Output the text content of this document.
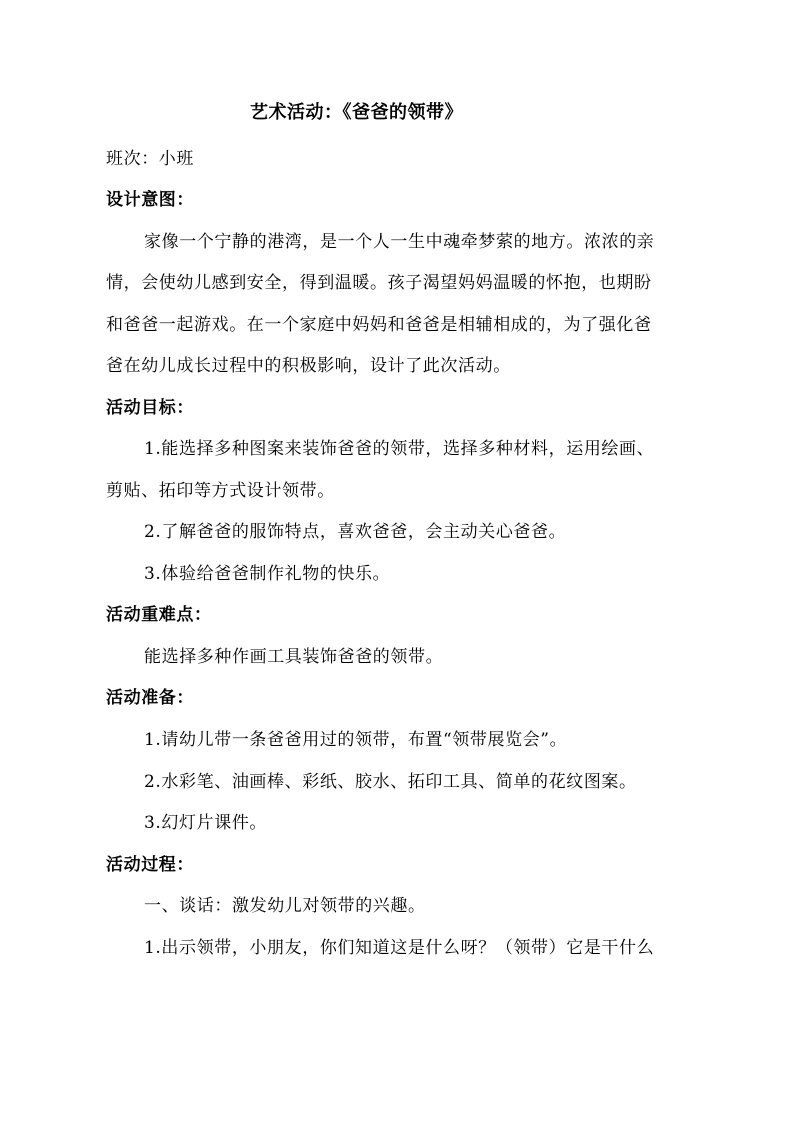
艺术活动：《爸爸的领带》
班次：小班
设计意图：
家像一个宁静的港湾，是一个人一生中魂牵梦萦的地方。浓浓的亲
情，会使幼儿感到安全，得到温暖。孩子渴望妈妈温暖的怀抱，也期盼
和爸爸一起游戏。在一个家庭中妈妈和爸爸是相辅相成的，为了强化爸
爸在幼儿成长过程中的积极影响，设计了此次活动。
活动目标：
1.能选择多种图案来装饰爸爸的领带，选择多种材料，运用绘画、
剪贴、拓印等方式设计领带。
2.了解爸爸的服饰特点，喜欢爸爸，会主动关心爸爸。
3.体验给爸爸制作礼物的快乐。
活动重难点：
能选择多种作画工具装饰爸爸的领带。
活动准备：
1.请幼儿带一条爸爸用过的领带，布置“领带展览会”。
2.水彩笔、油画棒、彩纸、胶水、拓印工具、简单的花纹图案。
3.幻灯片课件。
活动过程：
一、谈话：激发幼儿对领带的兴趣。
1.出示领带，小朋友，你们知道这是什么呀？（领带）它是干什么
